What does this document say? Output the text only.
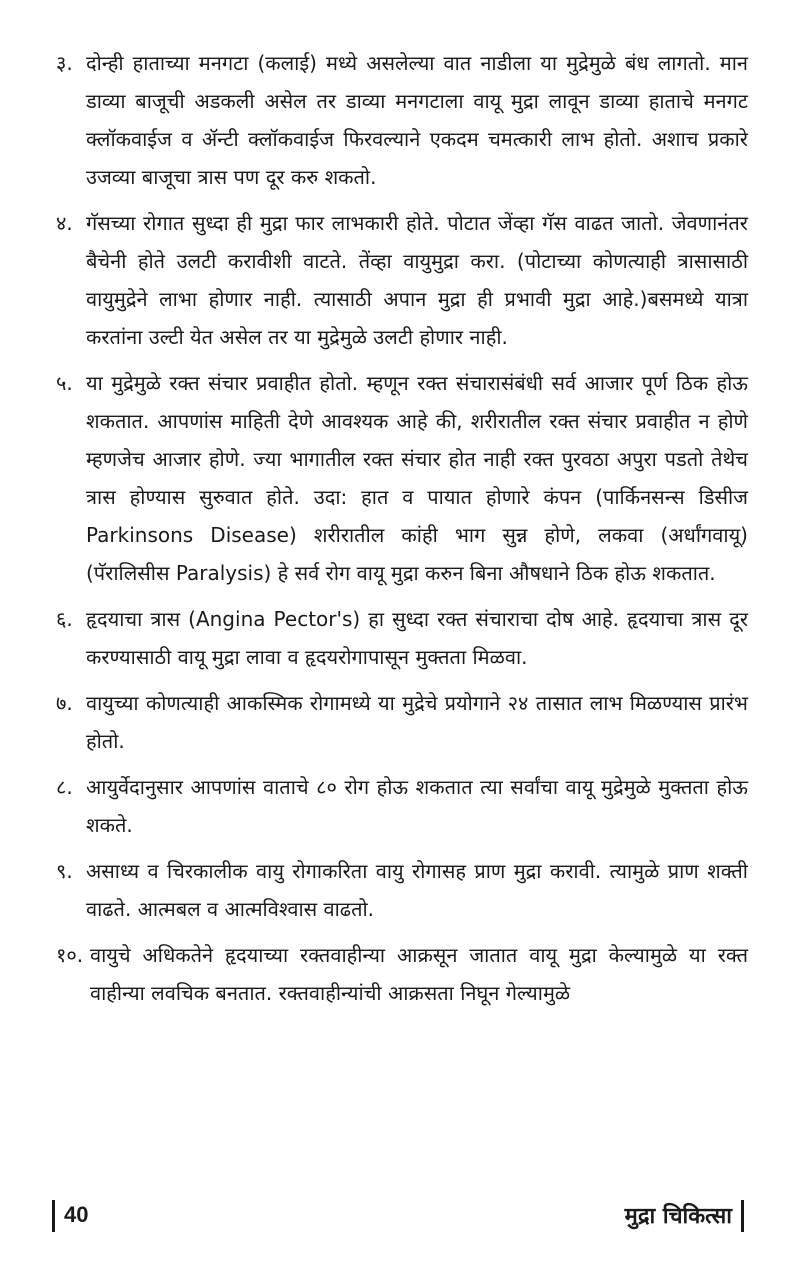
३. दोन्ही हाताच्या मनगटा (कलाई) मध्ये असलेल्या वात नाडीला या मुद्रेमुळे बंध लागतो. मान डाव्या बाजूची अडकली असेल तर डाव्या मनगटाला वायू मुद्रा लावून डाव्या हाताचे मनगट क्लॉकवाईज व ॲन्टी क्लॉकवाईज फिरवल्याने एकदम चमत्कारी लाभ होतो. अशाच प्रकारे उजव्या बाजूचा त्रास पण दूर करु शकतो.
४. गॅसच्या रोगात सुध्दा ही मुद्रा फार लाभकारी होते. पोटात जेंव्हा गॅस वाढत जातो. जेवणानंतर बैचेनी होते उलटी करावीशी वाटते. तेंव्हा वायुमुद्रा करा. (पोटाच्या कोणत्याही त्रासासाठी वायुमुद्रेने लाभा होणार नाही. त्यासाठी अपान मुद्रा ही प्रभावी मुद्रा आहे.)बसमध्ये यात्रा करतांना उल्टी येत असेल तर या मुद्रेमुळे उलटी होणार नाही.
५. या मुद्रेमुळे रक्त संचार प्रवाहीत होतो. म्हणून रक्त संचारासंबंधी सर्व आजार पूर्ण ठिक होऊ शकतात. आपणांस माहिती देणे आवश्यक आहे की, शरीरातील रक्त संचार प्रवाहीत न होणे म्हणजेच आजार होणे. ज्या भागातील रक्त संचार होत नाही रक्त पुरवठा अपुरा पडतो तेथेच त्रास होण्यास सुरुवात होते. उदा: हात व पायात होणारे कंपन (पार्किनसन्स डिसीज Parkinsons Disease) शरीरातील कांही भाग सुन्न होणे, लकवा (अर्धांगवायू) (पॅरालिसीस Paralysis) हे सर्व रोग वायू मुद्रा करुन बिना औषधाने ठिक होऊ शकतात.
६. हृदयाचा त्रास (Angina Pector's) हा सुध्दा रक्त संचाराचा दोष आहे. हृदयाचा त्रास दूर करण्यासाठी वायू मुद्रा लावा व हृदयरोगापासून मुक्तता मिळवा.
७. वायुच्या कोणत्याही आकस्मिक रोगामध्ये या मुद्रेचे प्रयोगाने २४ तासात लाभ मिळण्यास प्रारंभ होतो.
८. आयुर्वेदानुसार आपणांस वाताचे ८० रोग होऊ शकतात त्या सर्वांचा वायू मुद्रेमुळे मुक्तता होऊ शकते.
९. असाध्य व चिरकालीक वायु रोगाकरिता वायु रोगासह प्राण मुद्रा करावी. त्यामुळे प्राण शक्ती वाढते. आत्मबल व आत्मविश्वास वाढतो.
१०. वायुचे अधिकतेने हृदयाच्या रक्तवाहीन्या आक्रसून जातात वायू मुद्रा केल्यामुळे या रक्त वाहीन्या लवचिक बनतात. रक्तवाहीन्यांची आक्रसता निघून गेल्यामुळे
40	मुद्रा चिकित्सा
